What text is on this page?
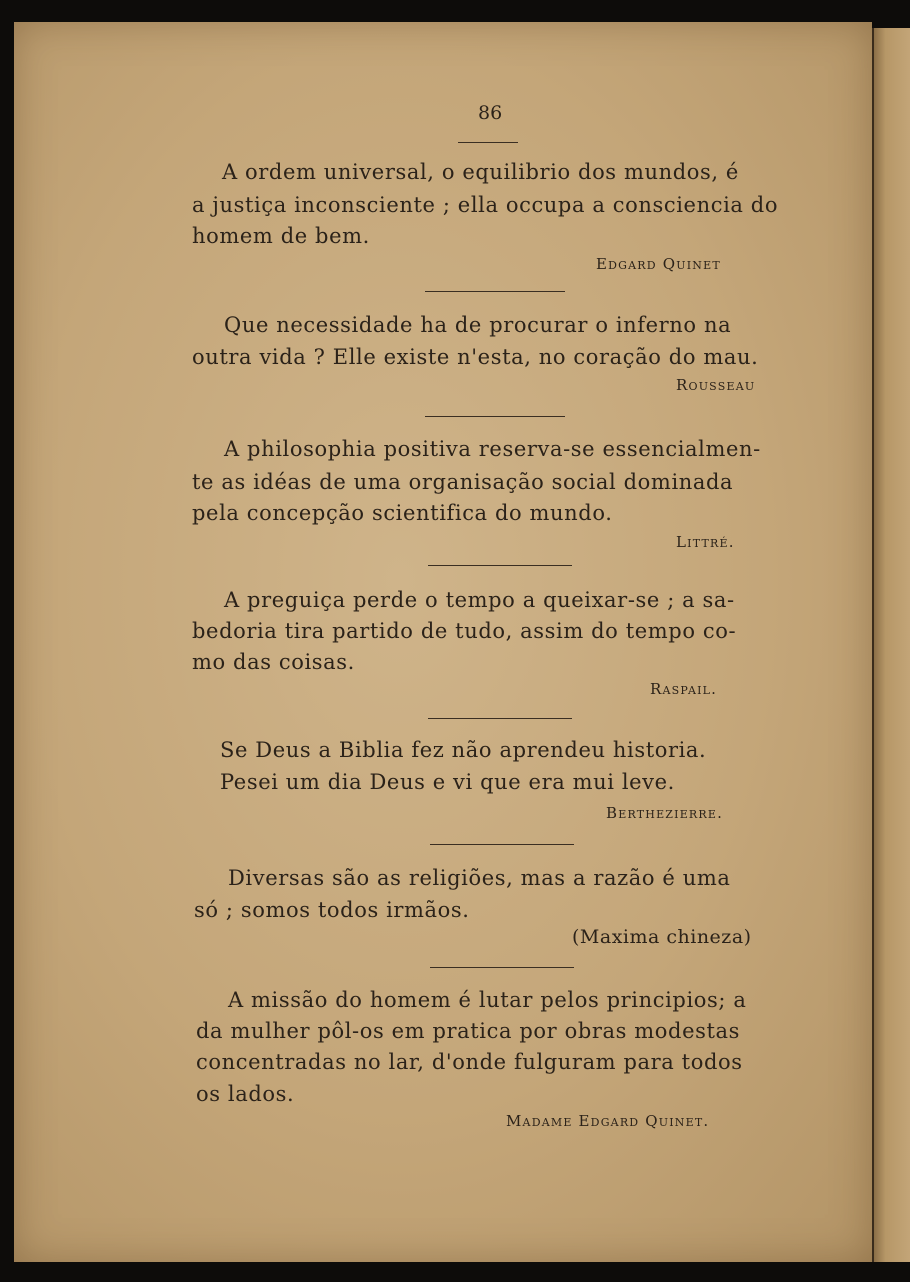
86
A ordem universal, o equilibrio dos mundos, é
a justiça inconsciente ; ella occupa a consciencia do
homem de bem.
Edgard Quinet
Que necessidade ha de procurar o inferno na
outra vida ? Elle existe n'esta, no coração do mau.
Rousseau
A philosophia positiva reserva-se essencialmen-
te as idéas de uma organisação social dominada
pela concepção scientifica do mundo.
Littré.
A preguiça perde o tempo a queixar-se ; a sa-
bedoria tira partido de tudo, assim do tempo co-
mo das coisas.
Raspail.
Se Deus a Biblia fez não aprendeu historia.
Pesei um dia Deus e vi que era mui leve.
Berthezierre.
Diversas são as religiões, mas a razão é uma
só ; somos todos irmãos.
(Maxima chineza)
A missão do homem é lutar pelos principios; a
da mulher pôl-os em pratica por obras modestas
concentradas no lar, d'onde fulguram para todos
os lados.
Madame Edgard Quinet.
